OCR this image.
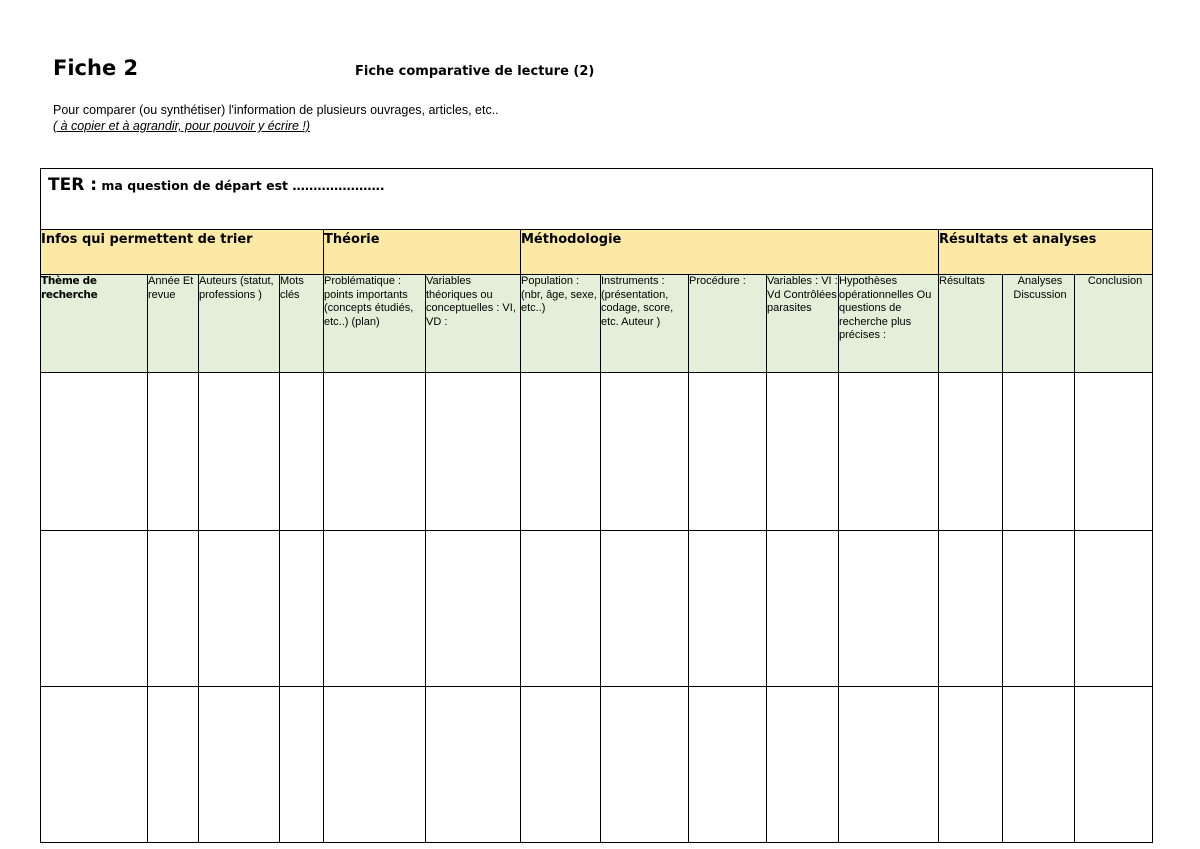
Fiche 2	Fiche comparative de lecture (2)
Pour comparer (ou synthétiser) l'information de plusieurs ouvrages, articles, etc..
( à copier et à agrandir, pour pouvoir y écrire !)
TER : ma question de départ est ………………….													
Infos qui permettent de trier				Théorie		Méthodologie					Résultats et analyses		
Thème de recherche	Année Et revue	Auteurs (statut, professions )	Mots clés	Problématique : points importants (concepts étudiés, etc..) (plan)	Variables théoriques ou conceptuelles : VI, VD :	Population : (nbr, âge, sexe, etc..)	Instruments : (présentation, codage, score, etc. Auteur )	Procédure :	Variables : VI : Vd Contrôlées parasites	Hypothèses opérationnelles Ou questions de recherche plus précises :	Résultats	Analyses Discussion	Conclusion
